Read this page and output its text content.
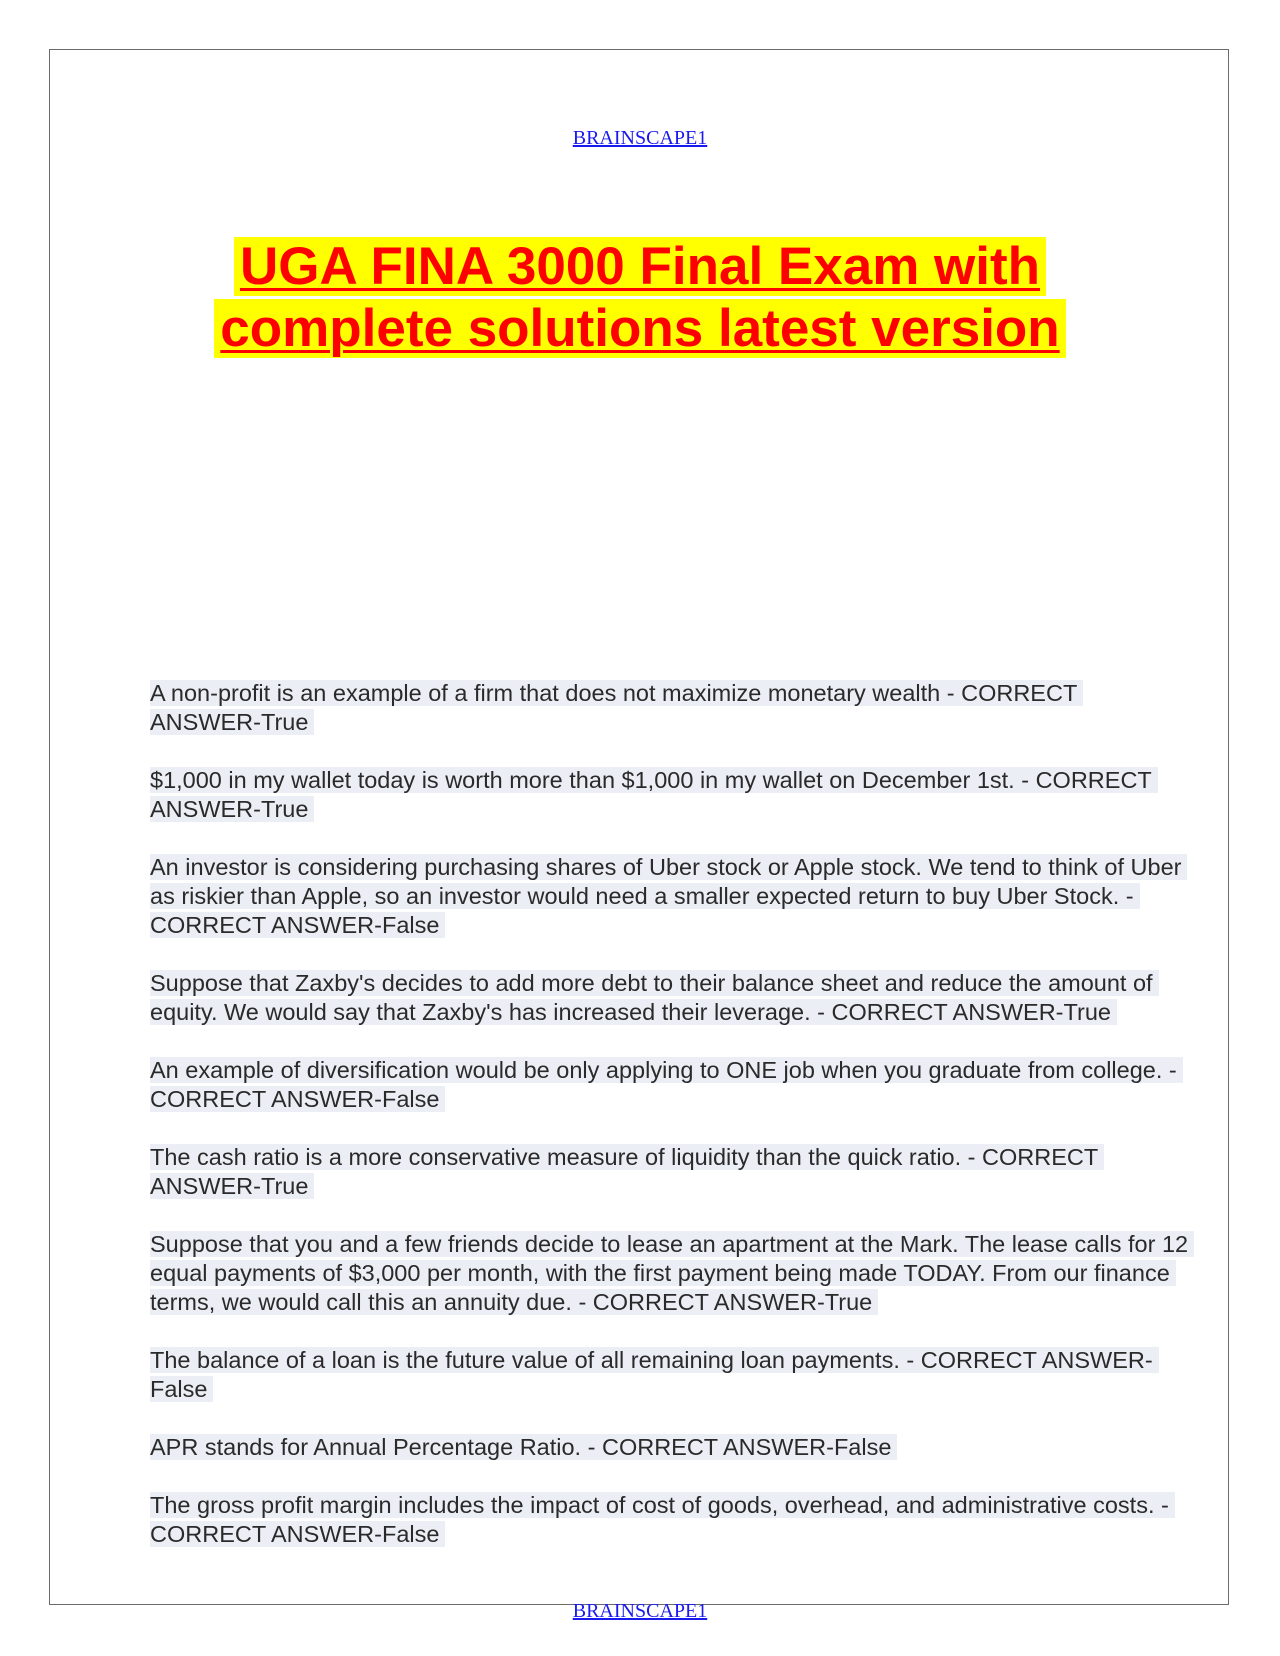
BRAINSCAPE1
UGA FINA 3000 Final Exam with
complete solutions latest version

A non-profit is an example of a firm that does not maximize monetary wealth - CORRECT ANSWER-True

$1,000 in my wallet today is worth more than $1,000 in my wallet on December 1st. - CORRECT ANSWER-True

An investor is considering purchasing shares of Uber stock or Apple stock. We tend to think of Uber as riskier than Apple, so an investor would need a smaller expected return to buy Uber Stock. - CORRECT ANSWER-False

Suppose that Zaxby's decides to add more debt to their balance sheet and reduce the amount of equity. We would say that Zaxby's has increased their leverage. - CORRECT ANSWER-True

An example of diversification would be only applying to ONE job when you graduate from college. - CORRECT ANSWER-False

The cash ratio is a more conservative measure of liquidity than the quick ratio. - CORRECT ANSWER-True

Suppose that you and a few friends decide to lease an apartment at the Mark. The lease calls for 12 equal payments of $3,000 per month, with the first payment being made TODAY. From our finance terms, we would call this an annuity due. - CORRECT ANSWER-True

The balance of a loan is the future value of all remaining loan payments. - CORRECT ANSWER-False

APR stands for Annual Percentage Ratio. - CORRECT ANSWER-False

The gross profit margin includes the impact of cost of goods, overhead, and administrative costs. - CORRECT ANSWER-False

BRAINSCAPE1
